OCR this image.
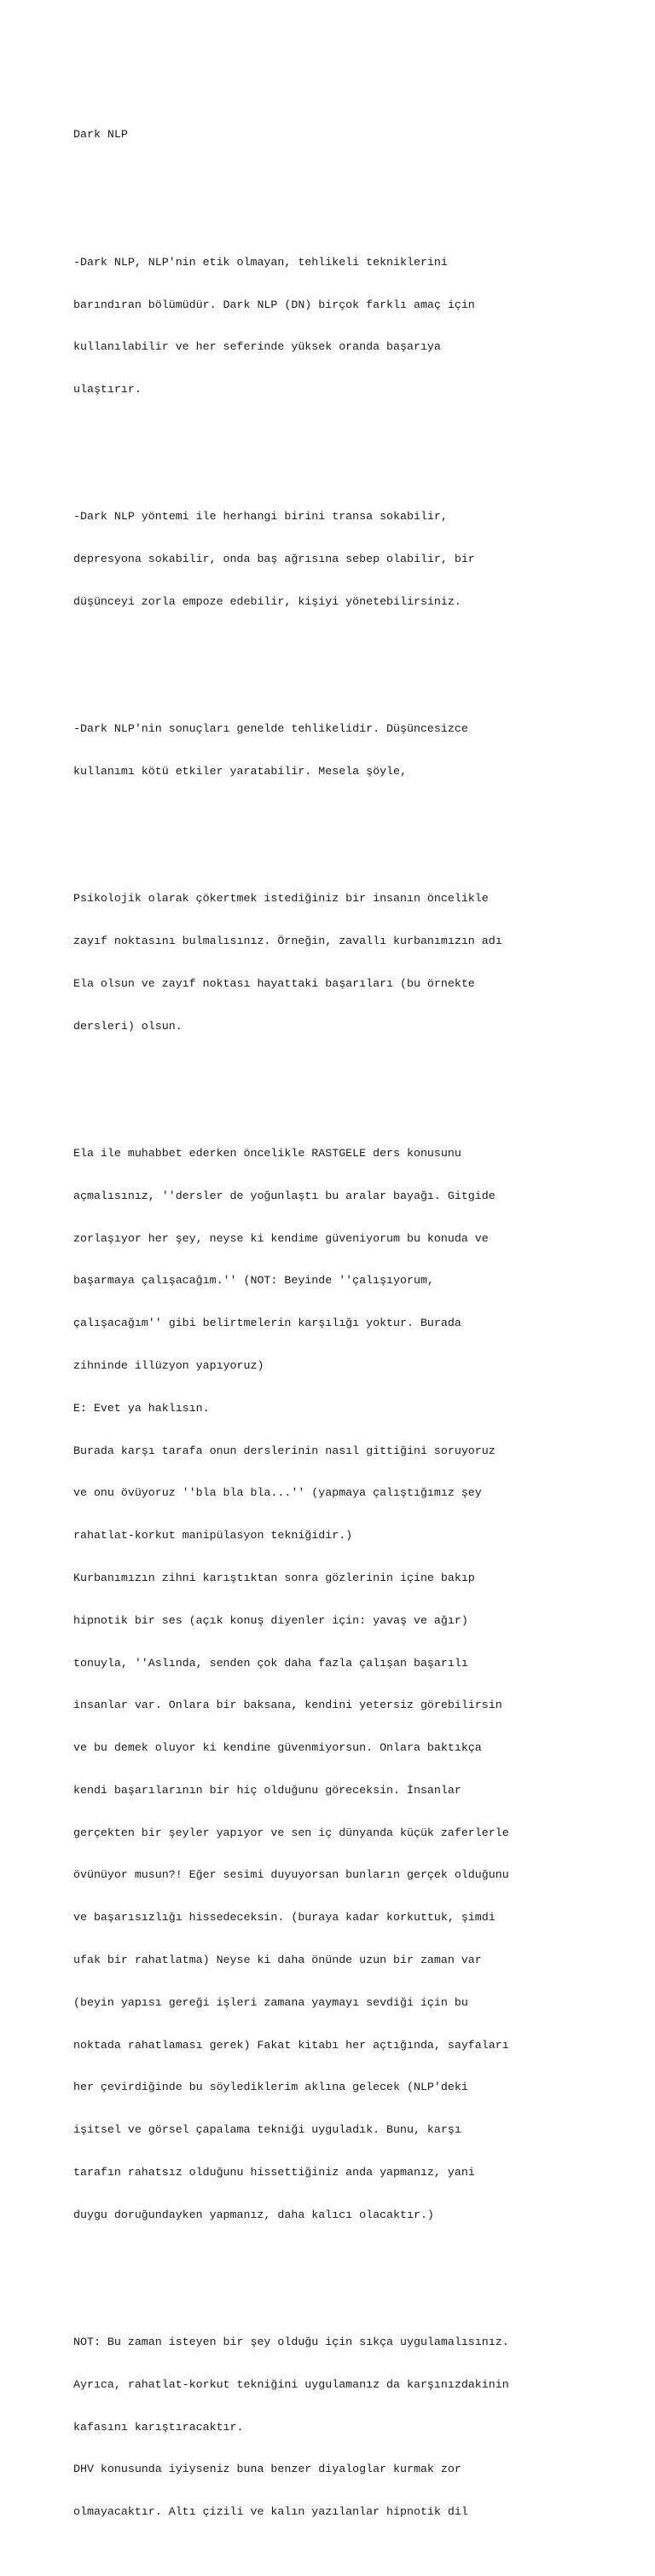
Dark NLP

-Dark NLP, NLP'nin etik olmayan, tehlikeli tekniklerini

barındıran bölümüdür. Dark NLP (DN) birçok farklı amaç için

kullanılabilir ve her seferinde yüksek oranda başarıya

ulaştırır.

-Dark NLP yöntemi ile herhangi birini transa sokabilir,

depresyona sokabilir, onda baş ağrısına sebep olabilir, bir

düşünceyi zorla empoze edebilir, kişiyi yönetebilirsiniz.

-Dark NLP'nin sonuçları genelde tehlikelidir. Düşüncesizce

kullanımı kötü etkiler yaratabilir. Mesela şöyle,

Psikolojik olarak çökertmek istediğiniz bir insanın öncelikle

zayıf noktasını bulmalısınız. Örneğin, zavallı kurbanımızın adı

Ela olsun ve zayıf noktası hayattaki başarıları (bu örnekte

dersleri) olsun.

Ela ile muhabbet ederken öncelikle RASTGELE ders konusunu

açmalısınız, ''dersler de yoğunlaştı bu aralar bayağı. Gitgide

zorlaşıyor her şey, neyse ki kendime güveniyorum bu konuda ve

başarmaya çalışacağım.'' (NOT: Beyinde ''çalışıyorum,

çalışacağım'' gibi belirtmelerin karşılığı yoktur. Burada

zihninde illüzyon yapıyoruz)

E: Evet ya haklısın.

Burada karşı tarafa onun derslerinin nasıl gittiğini soruyoruz

ve onu övüyoruz ''bla bla bla...'' (yapmaya çalıştığımız şey

rahatlat-korkut manipülasyon tekniğidir.)

Kurbanımızın zihni karıştıktan sonra gözlerinin içine bakıp

hipnotik bir ses (açık konuş diyenler için: yavaş ve ağır)

tonuyla, ''Aslında, senden çok daha fazla çalışan başarılı

insanlar var. Onlara bir baksana, kendini yetersiz görebilirsin

ve bu demek oluyor ki kendine güvenmiyorsun. Onlara baktıkça

kendi başarılarının bir hiç olduğunu göreceksin. İnsanlar

gerçekten bir şeyler yapıyor ve sen iç dünyanda küçük zaferlerle

övünüyor musun?! Eğer sesimi duyuyorsan bunların gerçek olduğunu

ve başarısızlığı hissedeceksin. (buraya kadar korkuttuk, şimdi

ufak bir rahatlatma) Neyse ki daha önünde uzun bir zaman var

(beyin yapısı gereği işleri zamana yaymayı sevdiği için bu

noktada rahatlaması gerek) Fakat kitabı her açtığında, sayfaları

her çevirdiğinde bu söylediklerim aklına gelecek (NLP'deki

işitsel ve görsel çapalama tekniği uyguladık. Bunu, karşı

tarafın rahatsız olduğunu hissettiğiniz anda yapmanız, yani

duygu doruğundayken yapmanız, daha kalıcı olacaktır.)

NOT: Bu zaman isteyen bir şey olduğu için sıkça uygulamalısınız.

Ayrıca, rahatlat-korkut tekniğini uygulamanız da karşınızdakinin

kafasını karıştıracaktır.

DHV konusunda iyiyseniz buna benzer diyaloglar kurmak zor

olmayacaktır. Altı çizili ve kalın yazılanlar hipnotik dil
